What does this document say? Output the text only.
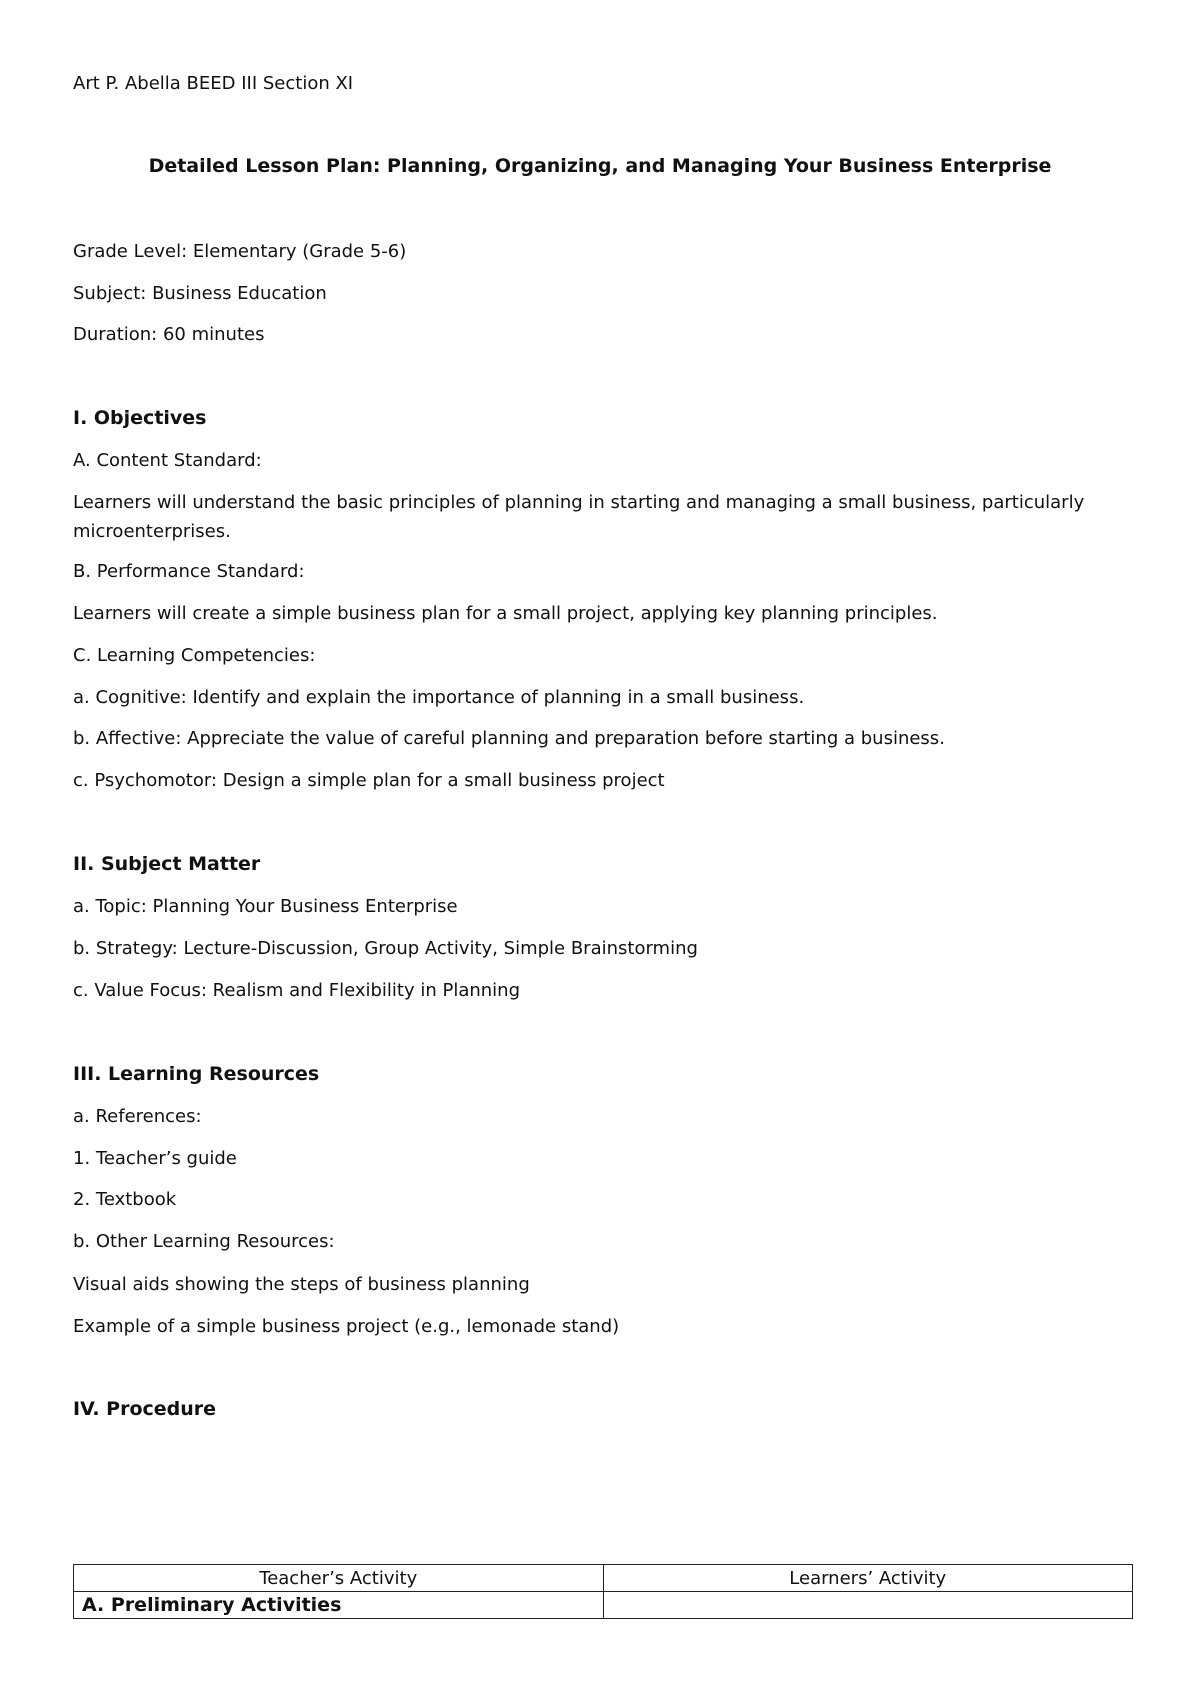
Art P. Abella BEED III Section XI
Detailed Lesson Plan: Planning, Organizing, and Managing Your Business Enterprise
Grade Level: Elementary (Grade 5-6)
Subject: Business Education
Duration: 60 minutes
I. Objectives
A. Content Standard:
Learners will understand the basic principles of planning in starting and managing a small business, particularly microenterprises.
B. Performance Standard:
Learners will create a simple business plan for a small project, applying key planning principles.
C. Learning Competencies:
a. Cognitive: Identify and explain the importance of planning in a small business.
b. Affective: Appreciate the value of careful planning and preparation before starting a business.
c. Psychomotor: Design a simple plan for a small business project
II. Subject Matter
a. Topic: Planning Your Business Enterprise
b. Strategy: Lecture-Discussion, Group Activity, Simple Brainstorming
c. Value Focus: Realism and Flexibility in Planning
III. Learning Resources
a. References:
1. Teacher’s guide
2. Textbook
b. Other Learning Resources:
Visual aids showing the steps of business planning
Example of a simple business project (e.g., lemonade stand)
IV. Procedure
Teacher’s Activity	Learners’ Activity
A. Preliminary Activities	
